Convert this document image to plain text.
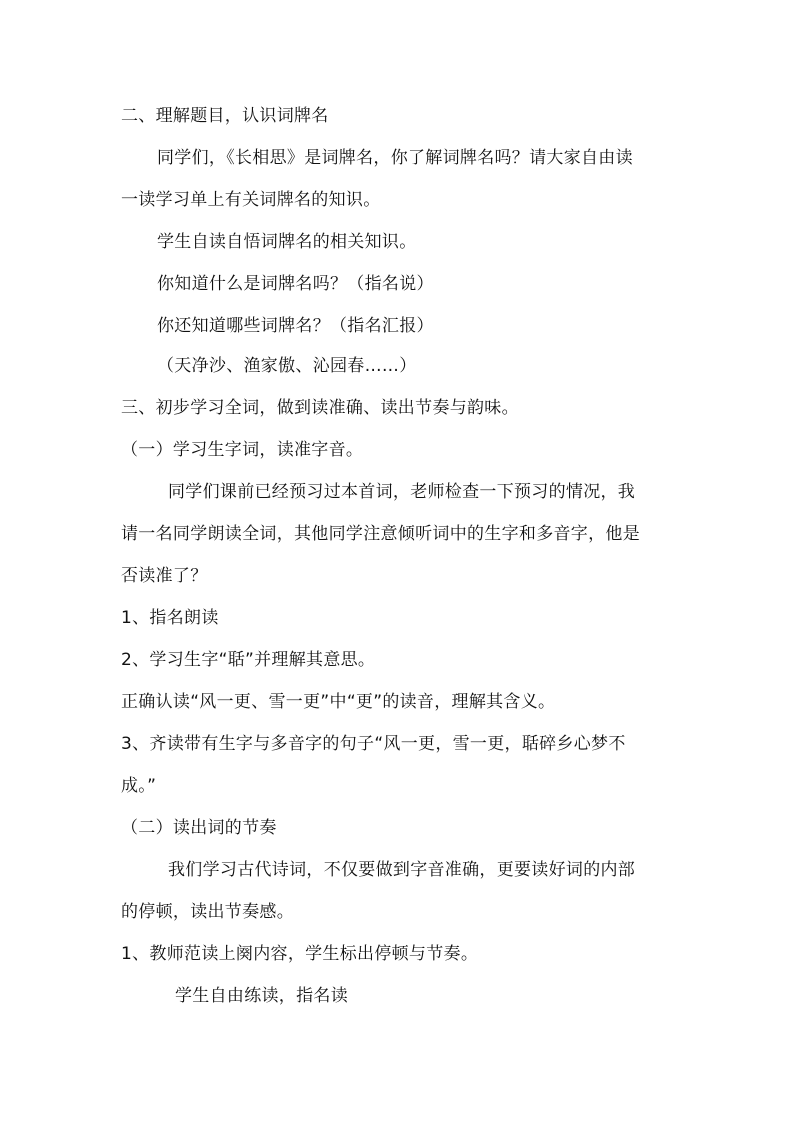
二、理解题目，认识词牌名
同学们，《长相思》是词牌名，你了解词牌名吗？请大家自由读
一读学习单上有关词牌名的知识。
学生自读自悟词牌名的相关知识。
你知道什么是词牌名吗？（指名说）
你还知道哪些词牌名？（指名汇报）
（天净沙、渔家傲、沁园春……）
三、初步学习全词，做到读准确、读出节奏与韵味。
（一）学习生字词，读准字音。
同学们课前已经预习过本首词，老师检查一下预习的情况，我
请一名同学朗读全词，其他同学注意倾听词中的生字和多音字，他是
否读准了？
1、指名朗读
2、学习生字“聒”并理解其意思。
正确认读“风一更、雪一更”中“更”的读音，理解其含义。
3、齐读带有生字与多音字的句子“风一更，雪一更，聒碎乡心梦不
成。”
（二）读出词的节奏
我们学习古代诗词，不仅要做到字音准确，更要读好词的内部
的停顿，读出节奏感。
1、教师范读上阕内容，学生标出停顿与节奏。
学生自由练读，指名读
